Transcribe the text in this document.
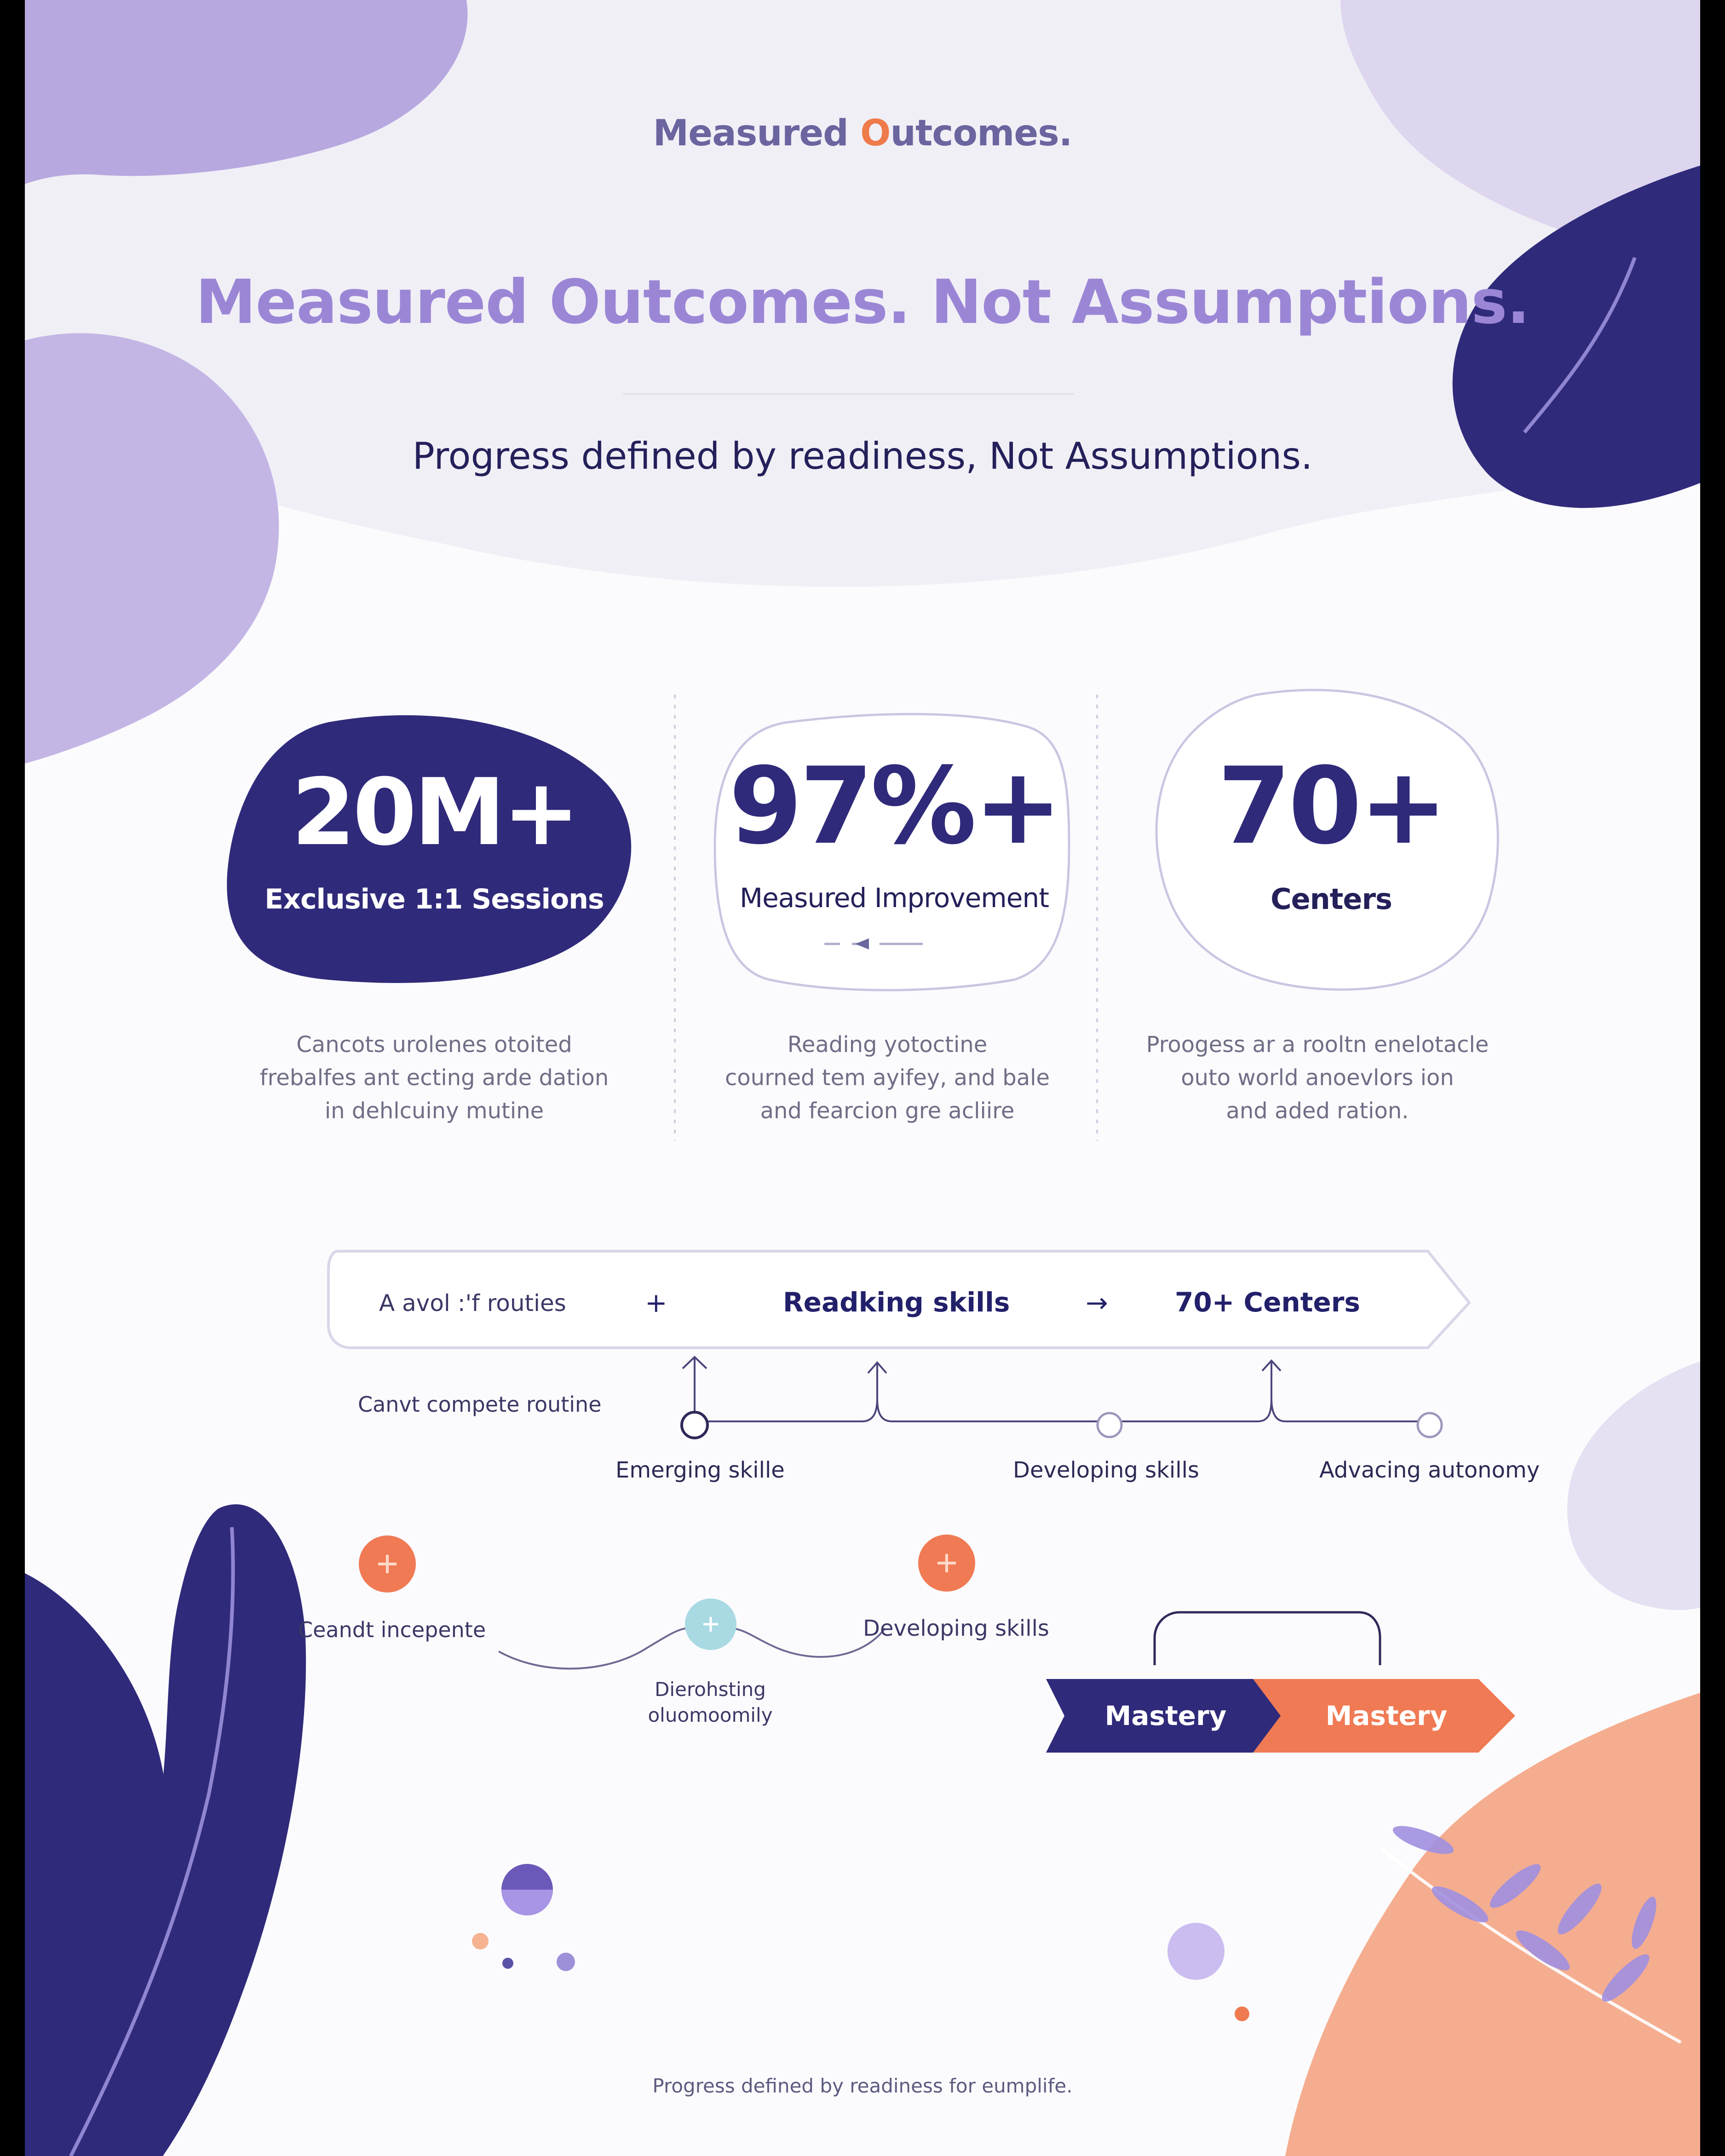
Measured Outcomes.
Measured Outcomes. Not Assumptions.
Progress defined by readiness, Not Assumptions.
20M+
Exclusive 1:1 Sessions
97%+
Measured Improvement
70+
Centers
Cancots urolenes otoited
frebalfes ant ecting arde dation
in dehlcuiny mutine
Reading yotoctine
courned tem ayifey, and bale
and fearcion gre acliire
Proogess ar a rooltn enelotacle
outo world anoevlors ion
and aded ration.
A avol :'f routies	+	Readking skills	→	70+ Centers
Canvt compete routine
Emerging skille	Developing skills	Advacing autonomy
Ceandt incepente
Dierohsting
oluomoomily
Developing skills
Mastery	Mastery
Progress defined by readiness for eumplife.
